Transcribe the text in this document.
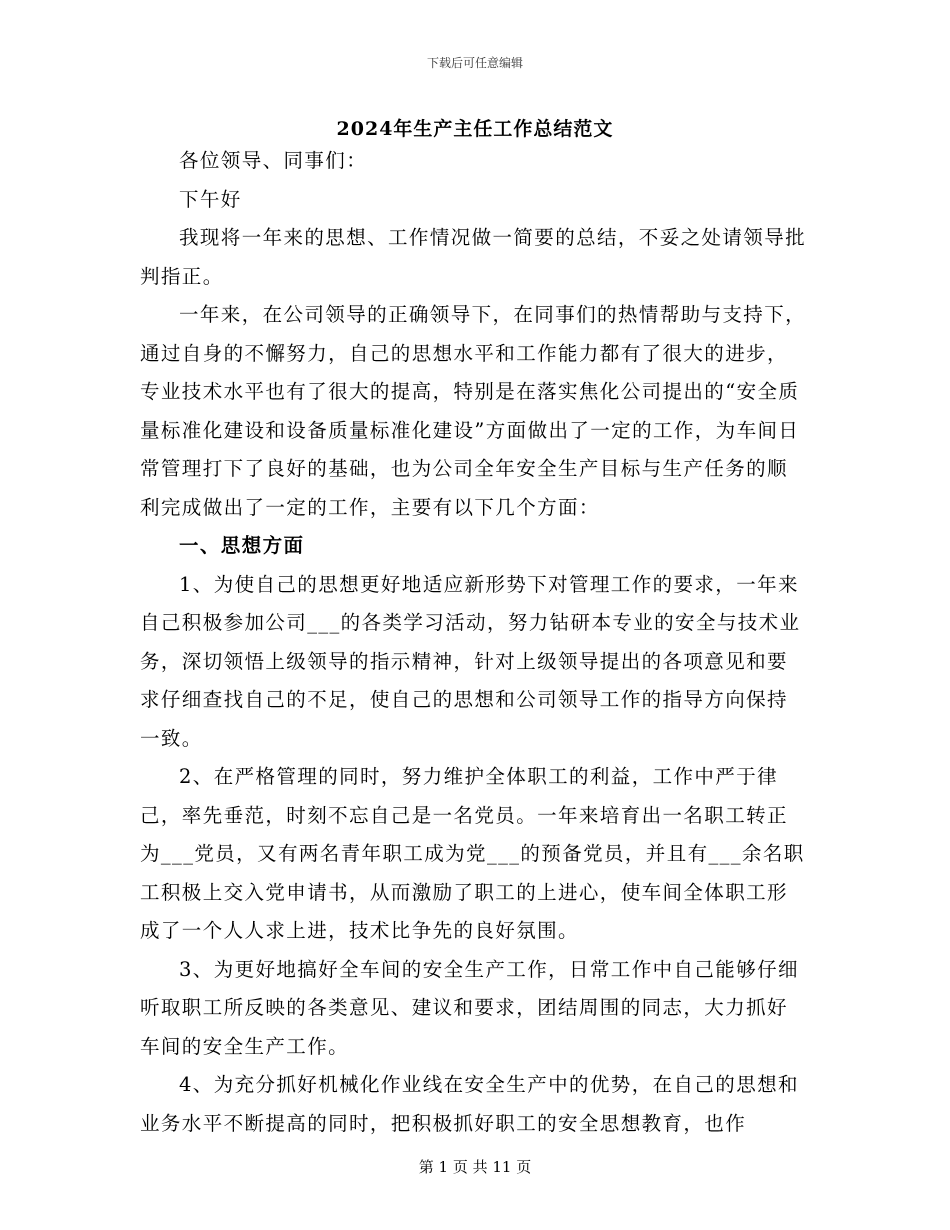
下载后可任意编辑
2024年生产主任工作总结范文

各位领导、同事们：

下午好

我现将一年来的思想、工作情况做一简要的总结，不妥之处请领导批判指正。

一年来，在公司领导的正确领导下，在同事们的热情帮助与支持下，通过自身的不懈努力，自己的思想水平和工作能力都有了很大的进步，专业技术水平也有了很大的提高，特别是在落实焦化公司提出的“安全质量标准化建设和设备质量标准化建设”方面做出了一定的工作，为车间日常管理打下了良好的基础，也为公司全年安全生产目标与生产任务的顺利完成做出了一定的工作，主要有以下几个方面：

一、思想方面

1、为使自己的思想更好地适应新形势下对管理工作的要求，一年来自己积极参加公司___的各类学习活动，努力钻研本专业的安全与技术业务，深切领悟上级领导的指示精神，针对上级领导提出的各项意见和要求仔细查找自己的不足，使自己的思想和公司领导工作的指导方向保持一致。

2、在严格管理的同时，努力维护全体职工的利益，工作中严于律己，率先垂范，时刻不忘自己是一名党员。一年来培育出一名职工转正为___党员，又有两名青年职工成为党___的预备党员，并且有___余名职工积极上交入党申请书，从而激励了职工的上进心，使车间全体职工形成了一个人人求上进，技术比争先的良好氛围。

3、为更好地搞好全车间的安全生产工作，日常工作中自己能够仔细听取职工所反映的各类意见、建议和要求，团结周围的同志，大力抓好车间的安全生产工作。

4、为充分抓好机械化作业线在安全生产中的优势，在自己的思想和业务水平不断提高的同时，把积极抓好职工的安全思想教育，也作

第 1 页 共 11 页
